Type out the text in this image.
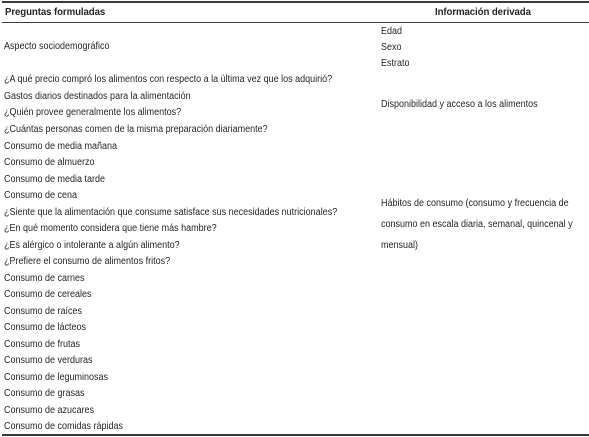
Preguntas formuladas	Información derivada
Aspecto sociodemográfico
¿A qué precio compró los alimentos con respecto a la última vez que los adquirió?
Gastos diarios destinados para la alimentación
¿Quién provee generalmente los alimentos?
¿Cuántas personas comen de la misma preparación diariamente?
Consumo de media mañana
Consumo de almuerzo
Consumo de media tarde
Consumo de cena
¿Siente que la alimentación que consume satisface sus necesidades nutricionales?
¿En qué momento considera que tiene más hambre?
¿Es alérgico o intolerante a algún alimento?
¿Prefiere el consumo de alimentos fritos?
Consumo de carnes
Consumo de cereales
Consumo de raíces
Consumo de lácteos
Consumo de frutas
Consumo de verduras
Consumo de leguminosas
Consumo de grasas
Consumo de azucares
Consumo de comidas rápidas
Edad
Sexo
Estrato
Disponibilidad y acceso a los alimentos
Hábitos de consumo (consumo y frecuencia de consumo en escala diaria, semanal, quincenal y mensual)
